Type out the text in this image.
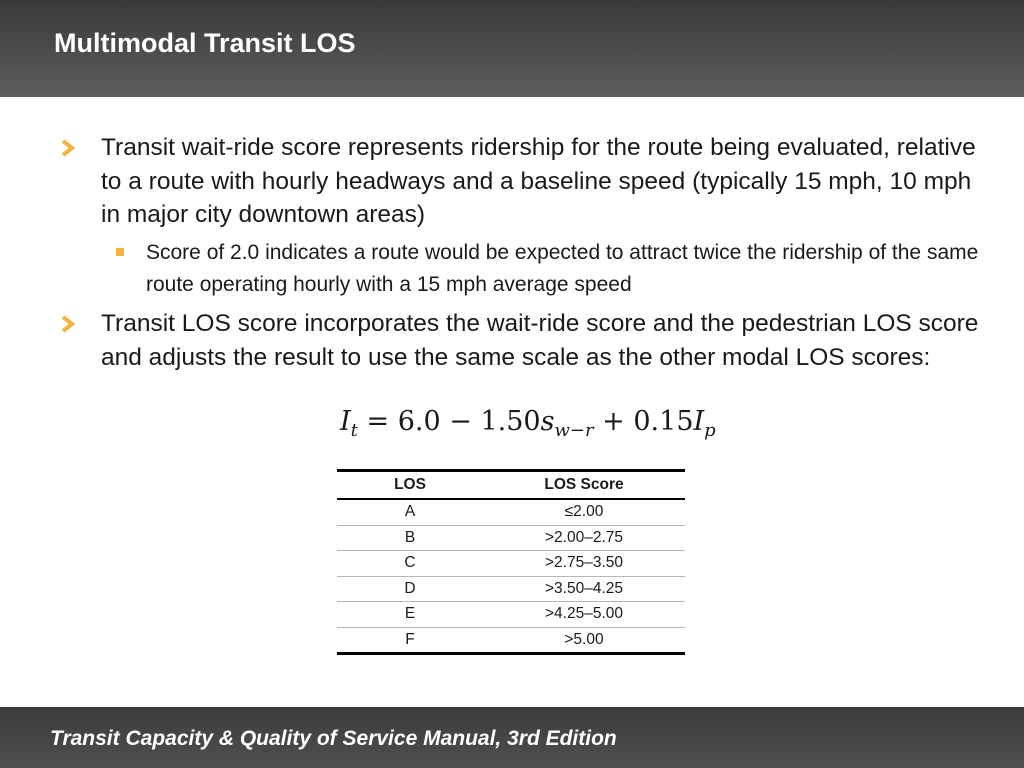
Multimodal Transit LOS
Transit wait-ride score represents ridership for the route being evaluated, relative to a route with hourly headways and a baseline speed (typically 15 mph, 10 mph in major city downtown areas)
Score of 2.0 indicates a route would be expected to attract twice the ridership of the same route operating hourly with a 15 mph average speed
Transit LOS score incorporates the wait-ride score and the pedestrian LOS score and adjusts the result to use the same scale as the other modal LOS scores:
$I_t = 6.0 - 1.50s_{w-r} + 0.15I_p$
LOS	LOS Score
A	≤2.00
B	>2.00–2.75
C	>2.75–3.50
D	>3.50–4.25
E	>4.25–5.00
F	>5.00
Transit Capacity & Quality of Service Manual, 3rd Edition
